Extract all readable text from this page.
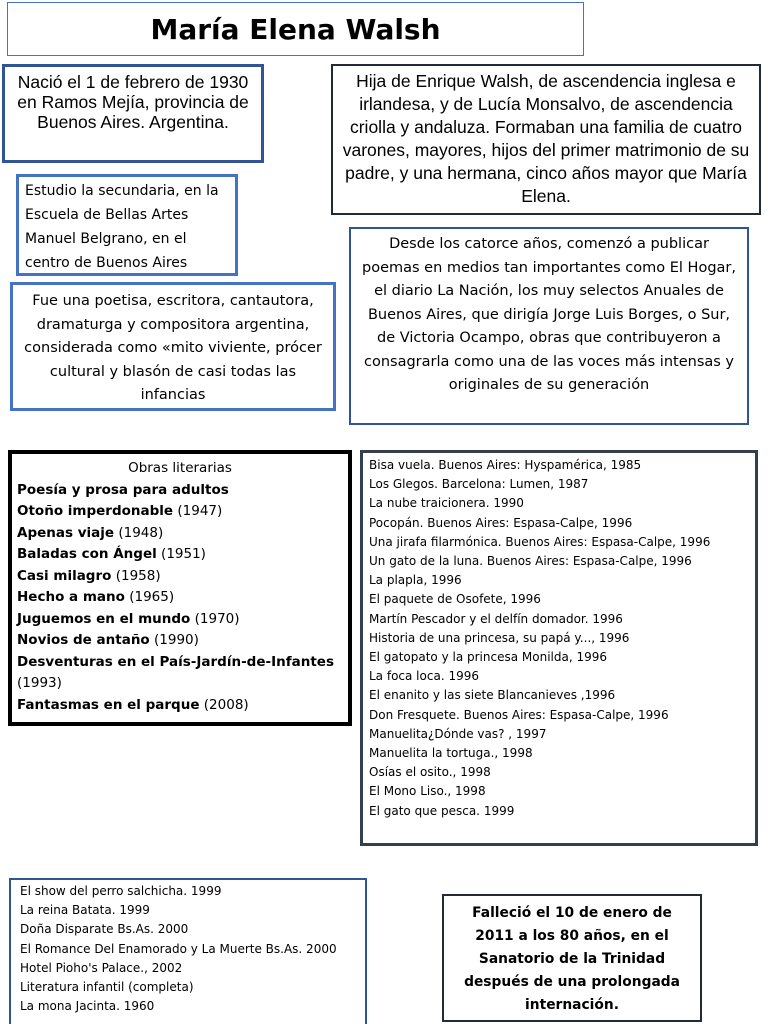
María Elena Walsh
Nació el 1 de febrero de 1930 en Ramos Mejía, provincia de Buenos Aires. Argentina.
Hija de Enrique Walsh, de ascendencia inglesa e irlandesa, y de Lucía Monsalvo, de ascendencia criolla y andaluza. Formaban una familia de cuatro varones, mayores, hijos del primer matrimonio de su padre, y una hermana, cinco años mayor que María Elena.
Estudio la secundaria, en la Escuela de Bellas Artes Manuel Belgrano, en el centro de Buenos Aires
Fue una poetisa, escritora, cantautora, dramaturga y compositora argentina, considerada como «mito viviente, prócer cultural y blasón de casi todas las infancias
Desde los catorce años, comenzó a publicar poemas en medios tan importantes como El Hogar, el diario La Nación, los muy selectos Anuales de Buenos Aires, que dirigía Jorge Luis Borges, o Sur, de Victoria Ocampo, obras que contribuyeron a consagrarla como una de las voces más intensas y originales de su generación
Obras literarias
Poesía y prosa para adultos
Otoño imperdonable (1947)
Apenas viaje (1948)
Baladas con Ángel (1951)
Casi milagro (1958)
Hecho a mano (1965)
Juguemos en el mundo (1970)
Novios de antaño (1990)
Desventuras en el País-Jardín-de-Infantes (1993)
Fantasmas en el parque (2008)
Bisa vuela. Buenos Aires: Hyspamérica, 1985
Los Glegos. Barcelona: Lumen, 1987
La nube traicionera. 1990
Pocopán. Buenos Aires: Espasa-Calpe, 1996
Una jirafa filarmónica. Buenos Aires: Espasa-Calpe, 1996
Un gato de la luna. Buenos Aires: Espasa-Calpe, 1996
La plapla, 1996
El paquete de Osofete, 1996
Martín Pescador y el delfín domador. 1996
Historia de una princesa, su papá y..., 1996
El gatopato y la princesa Monilda, 1996
La foca loca. 1996
El enanito y las siete Blancanieves ,1996
Don Fresquete. Buenos Aires: Espasa-Calpe, 1996
Manuelita¿Dónde vas? , 1997
Manuelita la tortuga., 1998
Osías el osito., 1998
El Mono Liso., 1998
El gato que pesca. 1999
El show del perro salchicha. 1999
La reina Batata. 1999
Doña Disparate Bs.As. 2000
El Romance Del Enamorado y La Muerte Bs.As. 2000
Hotel Pioho's Palace., 2002
Literatura infantil (completa)
La mona Jacinta. 1960
Falleció el 10 de enero de 2011 a los 80 años, en el Sanatorio de la Trinidad después de una prolongada internación.
